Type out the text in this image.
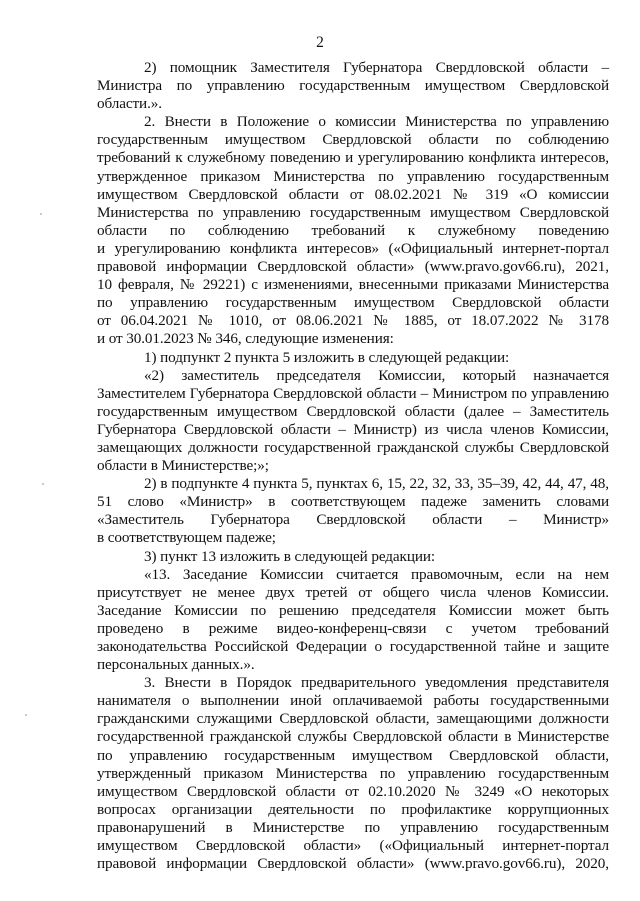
2
2) помощник Заместителя Губернатора Свердловской области –
Министра по управлению государственным имуществом Свердловской
области.».
2. Внести в Положение о комиссии Министерства по управлению
государственным имуществом Свердловской области по соблюдению
требований к служебному поведению и урегулированию конфликта интересов,
утвержденное приказом Министерства по управлению государственным
имуществом Свердловской области от 08.02.2021 № 319 «О комиссии
Министерства по управлению государственным имуществом Свердловской
области по соблюдению требований к служебному поведению
и урегулированию конфликта интересов» («Официальный интернет-портал
правовой информации Свердловской области» (www.pravo.gov66.ru), 2021,
10 февраля, № 29221) с изменениями, внесенными приказами Министерства
по управлению государственным имуществом Свердловской области
от 06.04.2021 № 1010, от 08.06.2021 № 1885, от 18.07.2022 № 3178
и от 30.01.2023 № 346, следующие изменения:
1) подпункт 2 пункта 5 изложить в следующей редакции:
«2) заместитель председателя Комиссии, который назначается
Заместителем Губернатора Свердловской области – Министром по управлению
государственным имуществом Свердловской области (далее – Заместитель
Губернатора Свердловской области – Министр) из числа членов Комиссии,
замещающих должности государственной гражданской службы Свердловской
области в Министерстве;»;
2) в подпункте 4 пункта 5, пунктах 6, 15, 22, 32, 33, 35–39, 42, 44, 47, 48,
51 слово «Министр» в соответствующем падеже заменить словами
«Заместитель Губернатора Свердловской области – Министр»
в соответствующем падеже;
3) пункт 13 изложить в следующей редакции:
«13. Заседание Комиссии считается правомочным, если на нем
присутствует не менее двух третей от общего числа членов Комиссии.
Заседание Комиссии по решению председателя Комиссии может быть
проведено в режиме видео-конференц-связи с учетом требований
законодательства Российской Федерации о государственной тайне и защите
персональных данных.».
3. Внести в Порядок предварительного уведомления представителя
нанимателя о выполнении иной оплачиваемой работы государственными
гражданскими служащими Свердловской области, замещающими должности
государственной гражданской службы Свердловской области в Министерстве
по управлению государственным имуществом Свердловской области,
утвержденный приказом Министерства по управлению государственным
имуществом Свердловской области от 02.10.2020 № 3249 «О некоторых
вопросах организации деятельности по профилактике коррупционных
правонарушений в Министерстве по управлению государственным
имуществом Свердловской области» («Официальный интернет-портал
правовой информации Свердловской области» (www.pravo.gov66.ru), 2020,
